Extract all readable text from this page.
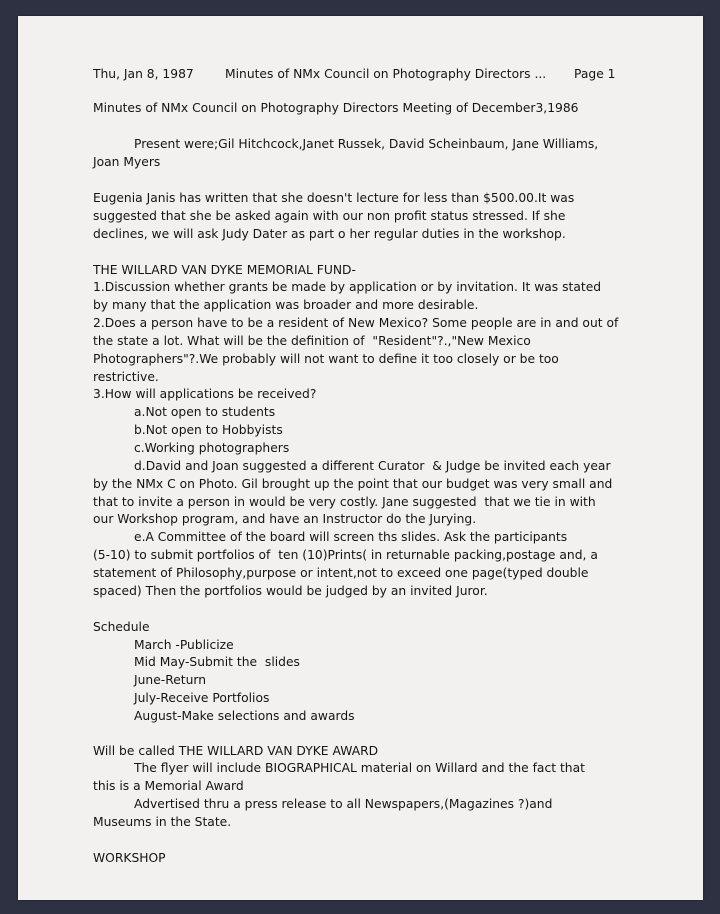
Thu, Jan 8, 1987	Minutes of NMx Council on Photography Directors ... Page 1
Minutes of NMx Council on Photography Directors Meeting of December3,1986
Present were;Gil Hitchcock,Janet Russek, David Scheinbaum, Jane Williams,
Joan Myers
Eugenia Janis has written that she doesn't lecture for less than $500.00.It was
suggested that she be asked again with our non profit status stressed. If she
declines, we will ask Judy Dater as part o her regular duties in the workshop.
THE WILLARD VAN DYKE MEMORIAL FUND-
1.Discussion whether grants be made by application or by invitation. It was stated
by many that the application was broader and more desirable.
2.Does a person have to be a resident of New Mexico? Some people are in and out of
the state a lot. What will be the definition of  "Resident"?.,"New Mexico
Photographers"?.We probably will not want to define it too closely or be too
restrictive.
3.How will applications be received?
a.Not open to students
b.Not open to Hobbyists
c.Working photographers
d.David and Joan suggested a different Curator  & Judge be invited each year
by the NMx C on Photo. Gil brought up the point that our budget was very small and
that to invite a person in would be very costly. Jane suggested  that we tie in with
our Workshop program, and have an Instructor do the Jurying.
e.A Committee of the board will screen ths slides. Ask the participants
(5-10) to submit portfolios of  ten (10)Prints( in returnable packing,postage and, a
statement of Philosophy,purpose or intent,not to exceed one page(typed double
spaced) Then the portfolios would be judged by an invited Juror.
Schedule
March -Publicize
Mid May-Submit the  slides
June-Return
July-Receive Portfolios
August-Make selections and awards
Will be called THE WILLARD VAN DYKE AWARD
The flyer will include BIOGRAPHICAL material on Willard and the fact that
this is a Memorial Award
Advertised thru a press release to all Newspapers,(Magazines ?)and
Museums in the State.
WORKSHOP
